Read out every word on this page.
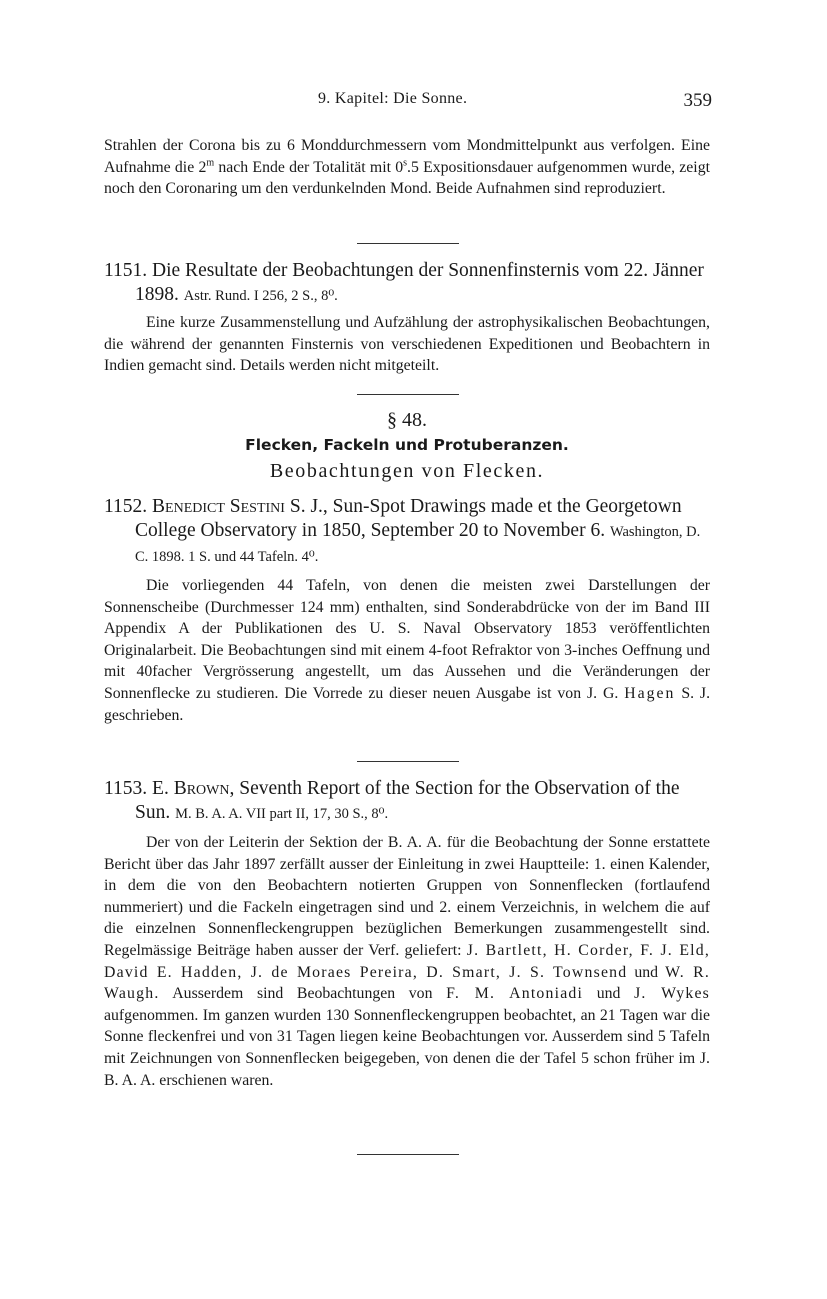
9. Kapitel: Die Sonne.	359

Strahlen der Corona bis zu 6 Monddurchmessern vom Mondmittelpunkt aus verfolgen. Eine Aufnahme die 2$^m$ nach Ende der Totalität mit 0$^s$.5 Expositionsdauer aufgenommen wurde, zeigt noch den Coronaring um den verdunkelnden Mond. Beide Aufnahmen sind reproduziert.

1151. Die Resultate der Beobachtungen der Sonnenfinsternis vom 22. Jänner 1898. Astr. Rund. I 256, 2 S., 8⁰.

Eine kurze Zusammenstellung und Aufzählung der astrophysikalischen Beobachtungen, die während der genannten Finsternis von verschiedenen Expeditionen und Beobachtern in Indien gemacht sind. Details werden nicht mitgeteilt.

§ 48.

Flecken, Fackeln und Protuberanzen.

Beobachtungen von Flecken.

1152. Benedict Sestini S. J., Sun-Spot Drawings made et the Georgetown College Observatory in 1850, September 20 to November 6. Washington, D. C. 1898. 1 S. und 44 Tafeln. 4⁰.

Die vorliegenden 44 Tafeln, von denen die meisten zwei Darstellungen der Sonnenscheibe (Durchmesser 124 mm) enthalten, sind Sonderabdrücke von der im Band III Appendix A der Publikationen des U. S. Naval Observatory 1853 veröffentlichten Originalarbeit. Die Beobachtungen sind mit einem 4-foot Refraktor von 3-inches Oeffnung und mit 40facher Vergrösserung angestellt, um das Aussehen und die Veränderungen der Sonnenflecke zu studieren. Die Vorrede zu dieser neuen Ausgabe ist von J. G. Hagen S. J. geschrieben.

1153. E. Brown, Seventh Report of the Section for the Observation of the Sun. M. B. A. A. VII part II, 17, 30 S., 8⁰.

Der von der Leiterin der Sektion der B. A. A. für die Beobachtung der Sonne erstattete Bericht über das Jahr 1897 zerfällt ausser der Einleitung in zwei Hauptteile: 1. einen Kalender, in dem die von den Beobachtern notierten Gruppen von Sonnenflecken (fortlaufend nummeriert) und die Fackeln eingetragen sind und 2. einem Verzeichnis, in welchem die auf die einzelnen Sonnenfleckengruppen bezüglichen Bemerkungen zusammengestellt sind. Regelmässige Beiträge haben ausser der Verf. geliefert: J. Bartlett, H. Corder, F. J. Eld, David E. Hadden, J. de Moraes Pereira, D. Smart, J. S. Townsend und W. R. Waugh. Ausserdem sind Beobachtungen von F. M. Antoniadi und J. Wykes aufgenommen. Im ganzen wurden 130 Sonnenfleckengruppen beobachtet, an 21 Tagen war die Sonne fleckenfrei und von 31 Tagen liegen keine Beobachtungen vor. Ausserdem sind 5 Tafeln mit Zeichnungen von Sonnenflecken beigegeben, von denen die der Tafel 5 schon früher im J. B. A. A. erschienen waren.
